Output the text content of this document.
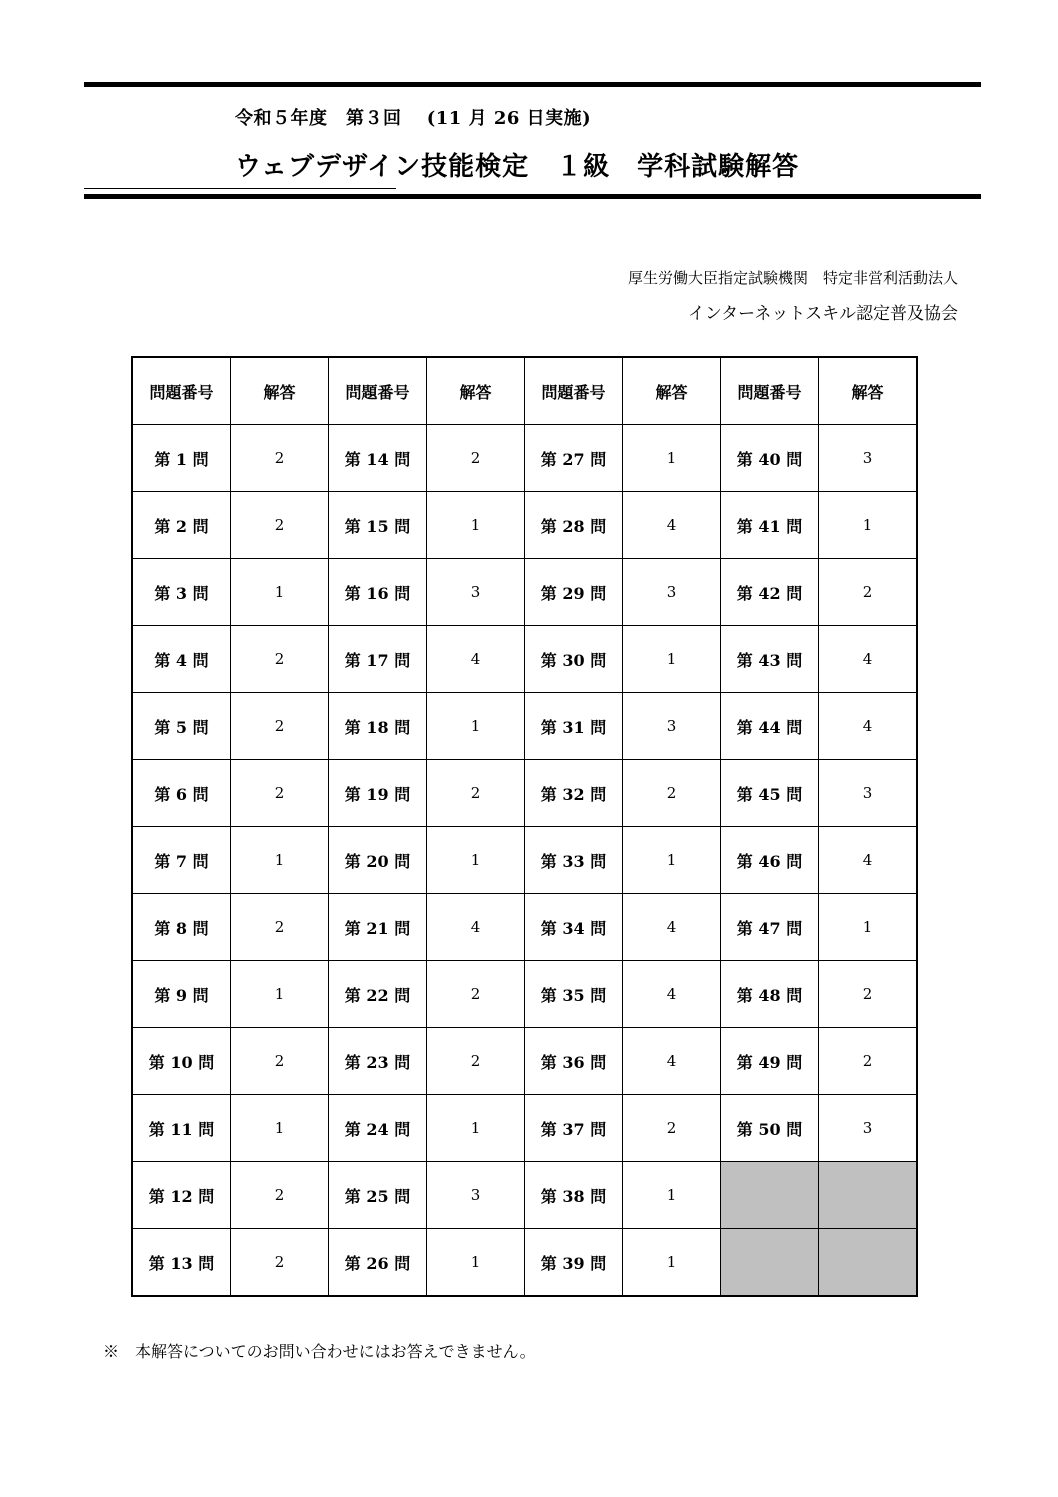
令和５年度　第３回　 (11 月 26 日実施)
ウェブデザイン技能検定　１級　学科試験解答
厚生労働大臣指定試験機関　特定非営利活動法人
インターネットスキル認定普及協会
問題番号	解答	問題番号	解答	問題番号	解答	問題番号	解答
第 1 問	2	第 14 問	2	第 27 問	1	第 40 問	3
第 2 問	2	第 15 問	1	第 28 問	4	第 41 問	1
第 3 問	1	第 16 問	3	第 29 問	3	第 42 問	2
第 4 問	2	第 17 問	4	第 30 問	1	第 43 問	4
第 5 問	2	第 18 問	1	第 31 問	3	第 44 問	4
第 6 問	2	第 19 問	2	第 32 問	2	第 45 問	3
第 7 問	1	第 20 問	1	第 33 問	1	第 46 問	4
第 8 問	2	第 21 問	4	第 34 問	4	第 47 問	1
第 9 問	1	第 22 問	2	第 35 問	4	第 48 問	2
第 10 問	2	第 23 問	2	第 36 問	4	第 49 問	2
第 11 問	1	第 24 問	1	第 37 問	2	第 50 問	3
第 12 問	2	第 25 問	3	第 38 問	1		
第 13 問	2	第 26 問	1	第 39 問	1		
※　本解答についてのお問い合わせにはお答えできません。
